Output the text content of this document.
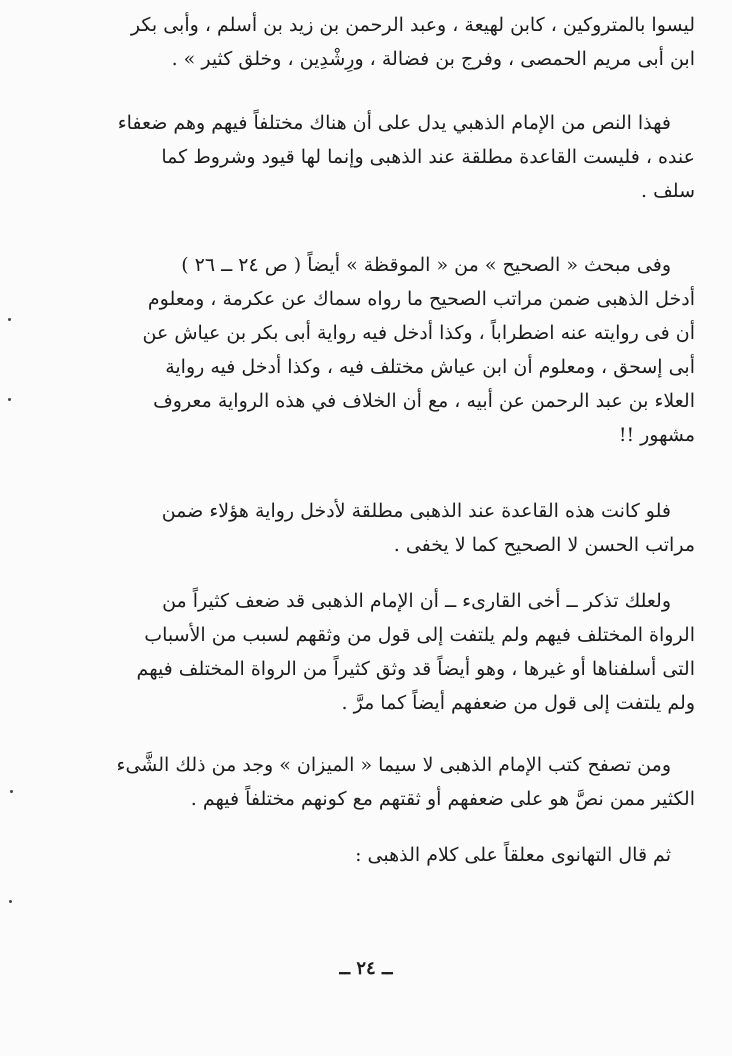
ليسوا بالمتروكين ، كابن لهيعة ، وعبد الرحمن بن زيد بن أسلم ، وأبى بكر
ابن أبى مريم الحمصى ، وفرج بن فضالة ، ورِشْدِين ، وخلق كثير » .
فهذا النص من الإمام الذهبي يدل على أن هناك مختلفاً فيهم وهم ضعفاء
عنده ، فليست القاعدة مطلقة عند الذهبى وإنما لها قيود وشروط كما
سلف .
وفى مبحث « الصحيح » من « الموقظة » أيضاً ( ص ٢٤ ــ ٢٦ )
أدخل الذهبى ضمن مراتب الصحيح ما رواه سماك عن عكرمة ، ومعلوم
أن فى روايته عنه اضطراباً ، وكذا أدخل فيه رواية أبى بكر بن عياش عن
أبى إسحق ، ومعلوم أن ابن عياش مختلف فيه ، وكذا أدخل فيه رواية
العلاء بن عبد الرحمن عن أبيه ، مع أن الخلاف في هذه الرواية معروف
مشهور !!
فلو كانت هذه القاعدة عند الذهبى مطلقة لأدخل رواية هؤلاء ضمن
مراتب الحسن لا الصحيح كما لا يخفى .
ولعلك تذكر ــ أخى القارىء ــ أن الإمام الذهبى قد ضعف كثيراً من
الرواة المختلف فيهم ولم يلتفت إلى قول من وثقهم لسبب من الأسباب
التى أسلفناها أو غيرها ، وهو أيضاً قد وثق كثيراً من الرواة المختلف فيهم
ولم يلتفت إلى قول من ضعفهم أيضاً كما مرَّ .
ومن تصفح كتب الإمام الذهبى لا سيما « الميزان » وجد من ذلك الشَّىء
الكثير ممن نصَّ هو على ضعفهم أو ثقتهم مع كونهم مختلفاً فيهم .
ثم قال التهانوى معلقاً على كلام الذهبى :
ــ ٢٤ ــ
